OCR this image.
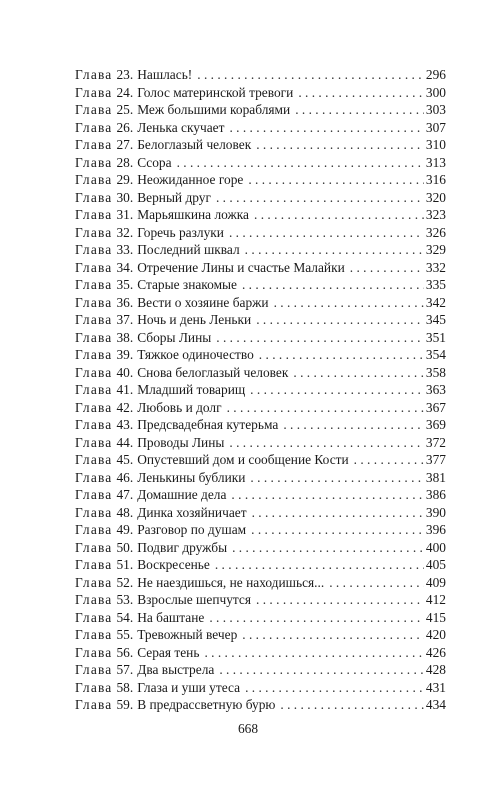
Глава 23. Нашлась! . . .	296
Глава 24. Голос материнской тревоги . . .	300
Глава 25. Меж большими кораблями . . .	303
Глава 26. Ленька скучает . . .	307
Глава 27. Белоглазый человек . . .	310
Глава 28. Ссора . . .	313
Глава 29. Неожиданное горе . . .	316
Глава 30. Верный друг . . .	320
Глава 31. Марьяшкина ложка . . .	323
Глава 32. Горечь разлуки . . .	326
Глава 33. Последний шквал . . .	329
Глава 34. Отречение Лины и счастье Малайки . . .	332
Глава 35. Старые знакомые . . .	335
Глава 36. Вести о хозяине баржи . . .	342
Глава 37. Ночь и день Леньки . . .	345
Глава 38. Сборы Лины . . .	351
Глава 39. Тяжкое одиночество . . .	354
Глава 40. Снова белоглазый человек . . .	358
Глава 41. Младший товарищ . . .	363
Глава 42. Любовь и долг . . .	367
Глава 43. Предсвадебная кутерьма . . .	369
Глава 44. Проводы Лины . . .	372
Глава 45. Опустевший дом и сообщение Кости . . .	377
Глава 46. Ленькины бублики . . .	381
Глава 47. Домашние дела . . .	386
Глава 48. Динка хозяйничает . . .	390
Глава 49. Разговор по душам . . .	396
Глава 50. Подвиг дружбы . . .	400
Глава 51. Воскресенье . . .	405
Глава 52. Не наездишься, не находишься... . . .	409
Глава 53. Взрослые шепчутся . . .	412
Глава 54. На баштане . . .	415
Глава 55. Тревожный вечер . . .	420
Глава 56. Серая тень . . .	426
Глава 57. Два выстрела . . .	428
Глава 58. Глаза и уши утеса . . .	431
Глава 59. В предрассветную бурю . . .	434
668
